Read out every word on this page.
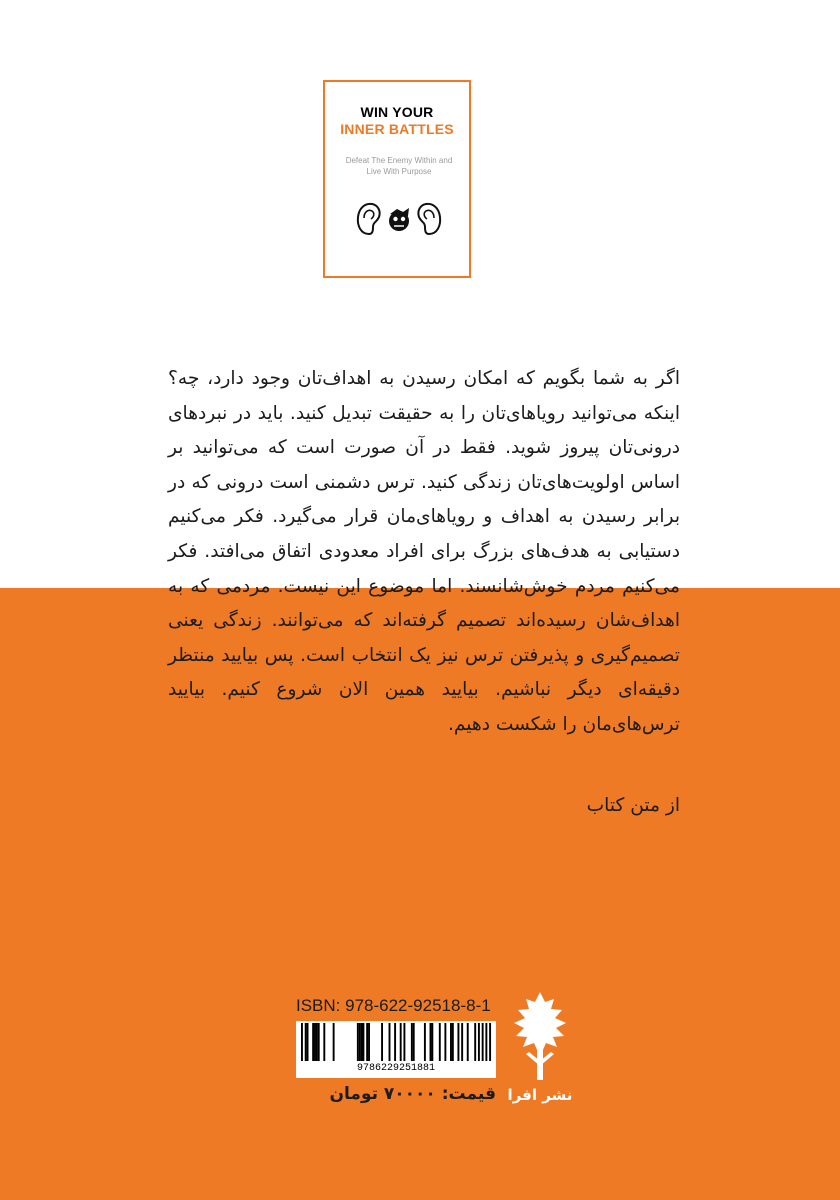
WIN YOUR
INNER BATTLES
Defeat The Enemy Within and Live With Purpose

اگر به شما بگویم که امکان رسیدن به اهداف‌تان وجود دارد، چه؟ اینکه می‌توانید رویاهای‌تان را به حقیقت تبدیل کنید. باید در نبردهای درونی‌تان پیروز شوید. فقط در آن صورت است که می‌توانید بر اساس اولویت‌های‌تان زندگی کنید. ترس دشمنی است درونی که در برابر رسیدن به اهداف و رویاهای‌مان قرار می‌گیرد. فکر می‌کنیم دستیابی به هدف‌های بزرگ برای افراد معدودی اتفاق می‌افتد. فکر می‌کنیم مردم خوش‌شانسند. اما موضوع این نیست. مردمی که به اهداف‌شان رسیده‌اند تصمیم گرفته‌اند که می‌توانند. زندگی یعنی تصمیم‌گیری و پذیرفتن ترس نیز یک انتخاب است. پس بیایید منتظر دقیقه‌ای دیگر نباشیم. بیایید همین الان شروع کنیم. بیایید ترس‌های‌مان را شکست دهیم.

از متن کتاب
ISBN: 978-622-92518-8-1
9786229251881
قیمت: ۷۰۰۰۰ تومان نشر افرا
